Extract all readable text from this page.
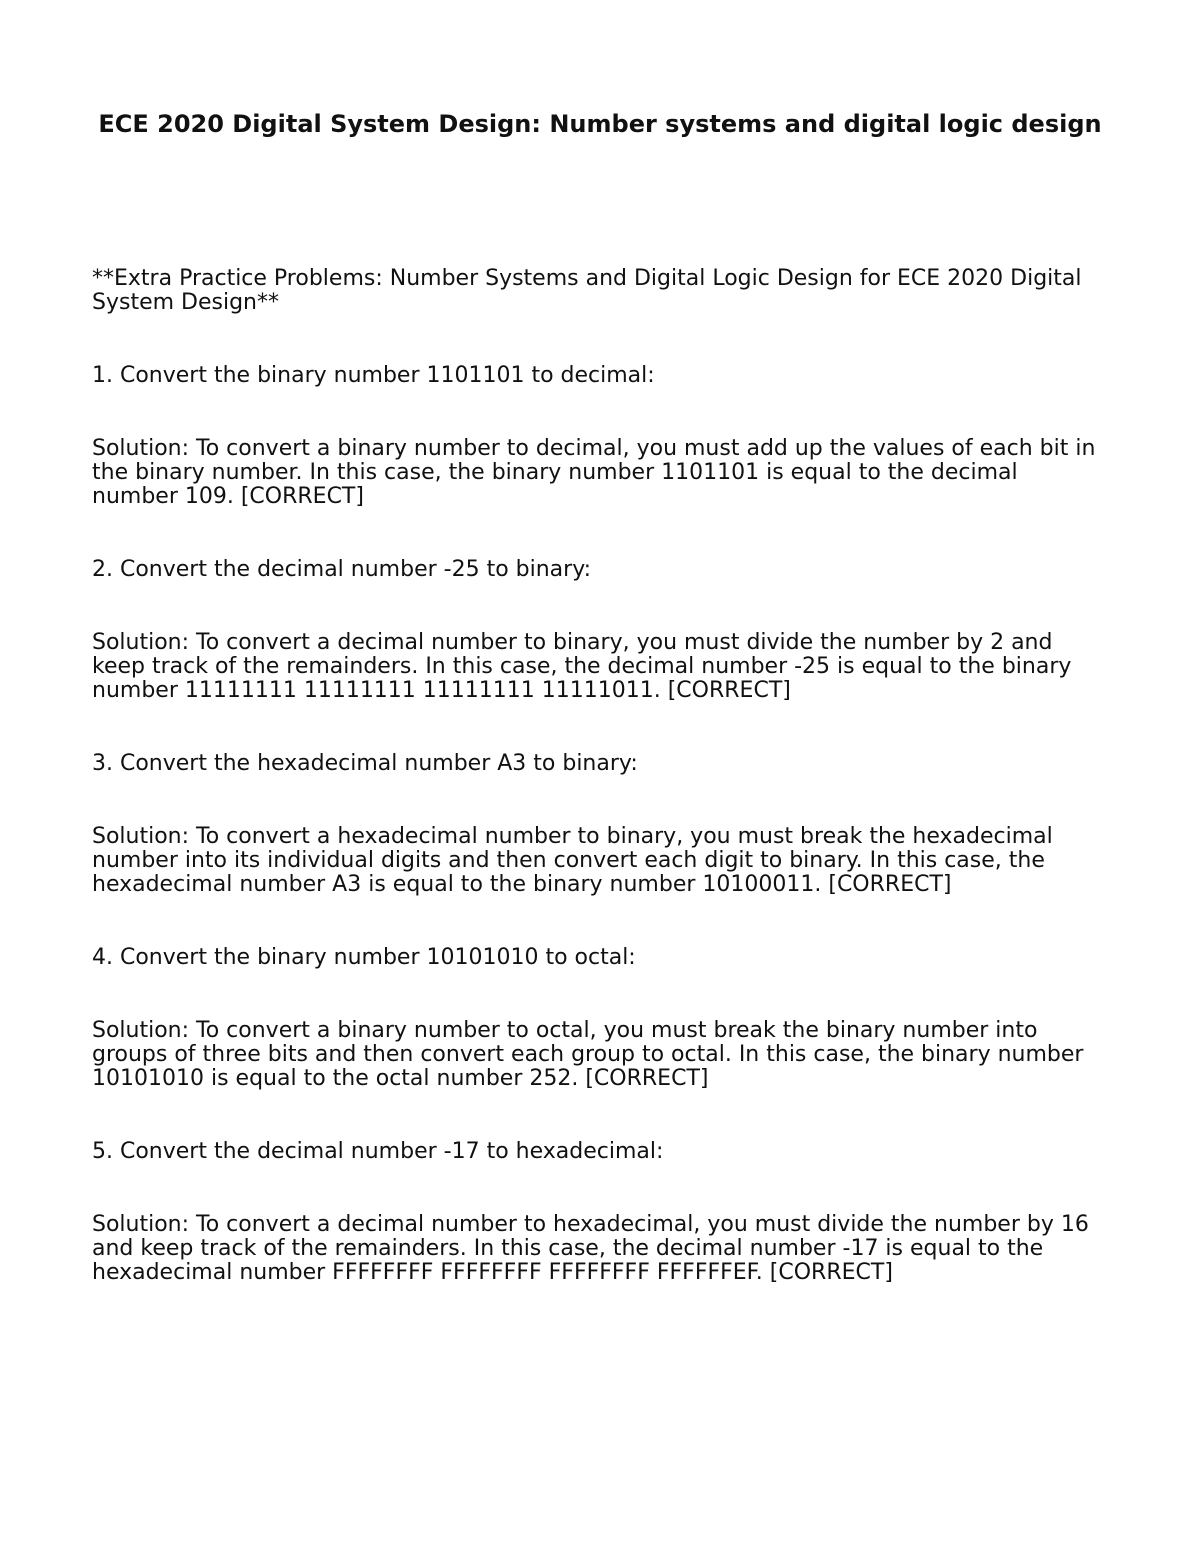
ECE 2020 Digital System Design: Number systems and digital logic design

**Extra Practice Problems: Number Systems and Digital Logic Design for ECE 2020 Digital System Design**

1. Convert the binary number 1101101 to decimal:

Solution: To convert a binary number to decimal, you must add up the values of each bit in the binary number. In this case, the binary number 1101101 is equal to the decimal number 109. [CORRECT]

2. Convert the decimal number -25 to binary:

Solution: To convert a decimal number to binary, you must divide the number by 2 and keep track of the remainders. In this case, the decimal number -25 is equal to the binary number 11111111 11111111 11111111 11111011. [CORRECT]

3. Convert the hexadecimal number A3 to binary:

Solution: To convert a hexadecimal number to binary, you must break the hexadecimal number into its individual digits and then convert each digit to binary. In this case, the hexadecimal number A3 is equal to the binary number 10100011. [CORRECT]

4. Convert the binary number 10101010 to octal:

Solution: To convert a binary number to octal, you must break the binary number into groups of three bits and then convert each group to octal. In this case, the binary number 10101010 is equal to the octal number 252. [CORRECT]

5. Convert the decimal number -17 to hexadecimal:

Solution: To convert a decimal number to hexadecimal, you must divide the number by 16 and keep track of the remainders. In this case, the decimal number -17 is equal to the hexadecimal number FFFFFFFF FFFFFFFF FFFFFFFF FFFFFFEF. [CORRECT]
